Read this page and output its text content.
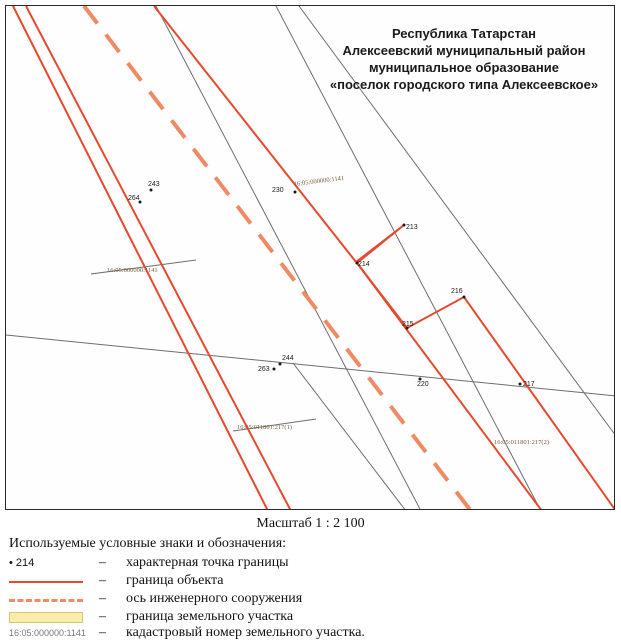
243
264
230
213
214
215
216
244
263
220	217
16:05:000000:1141
16:05:000000:1141
16:05:011801:217(1)
16:05:011801:217(2)
Республика Татарстан
Алексеевский муниципальный район
муниципальное образование
«поселок городского типа Алексеевское»
Масштаб 1 : 2 100
Используемые условные знаки и обозначения:
• 214	– характерная точка границы
– граница объекта
– ось инженерного сооружения
– граница земельного участка
16:05:000000:1141 – кадастровый номер земельного участка.
